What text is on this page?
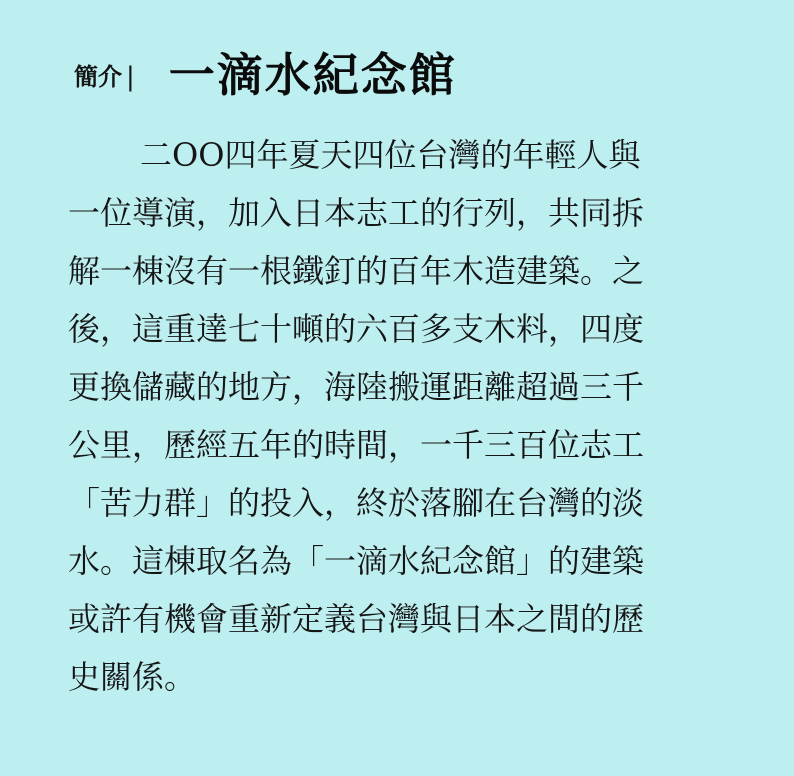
簡介 | 一滴水紀念館
二OO四年夏天四位台灣的年輕人與
一位導演，加入日本志工的行列，共同拆
解一棟沒有一根鐵釘的百年木造建築。之
後，這重達七十噸的六百多支木料，四度
更換儲藏的地方，海陸搬運距離超過三千
公里，歷經五年的時間，一千三百位志工
「苦力群」的投入，終於落腳在台灣的淡
水。這棟取名為「一滴水紀念館」的建築
或許有機會重新定義台灣與日本之間的歷
史關係。
